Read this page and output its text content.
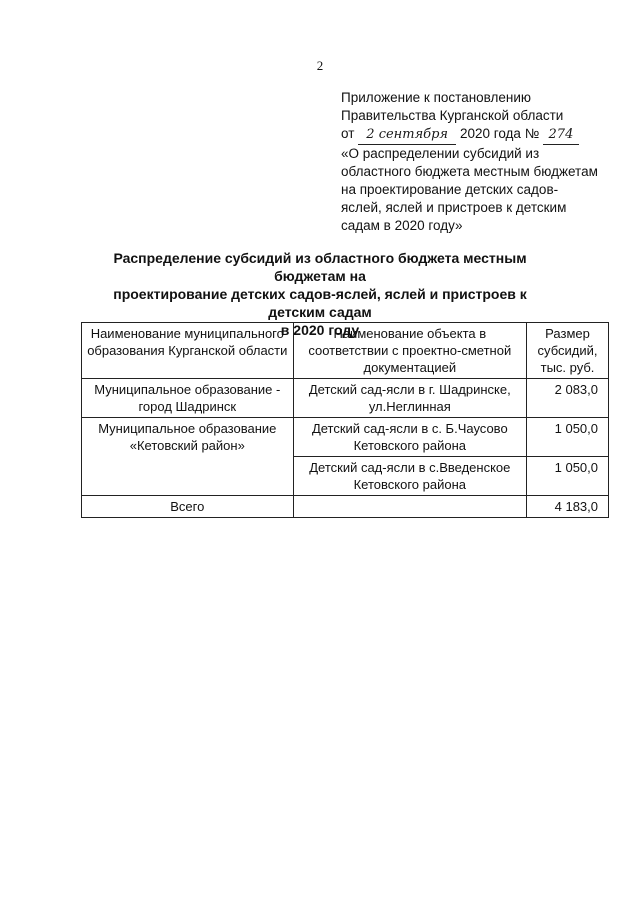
2
Приложение к постановлению
Правительства Курганской области
от 2 сентября 2020 года № 274
«О распределении субсидий из
областного бюджета местным бюджетам
на проектирование детских садов-
яслей, яслей и пристроев к детским
садам в 2020 году»
Распределение субсидий из областного бюджета местным бюджетам на
проектирование детских садов-яслей, яслей и пристроев к детским садам
в 2020 году
Наименование муниципального образования Курганской области	Наименование объекта в соответствии с проектно-сметной документацией	Размер субсидий, тыс. руб.
Муниципальное образование - город Шадринск	Детский сад-ясли в г. Шадринске, ул.Неглинная	2 083,0
Муниципальное образование «Кетовский район»	Детский сад-ясли в с. Б.Чаусово Кетовского района	1 050,0
	Детский сад-ясли в с.Введенское Кетовского района	1 050,0
Всего		4 183,0
